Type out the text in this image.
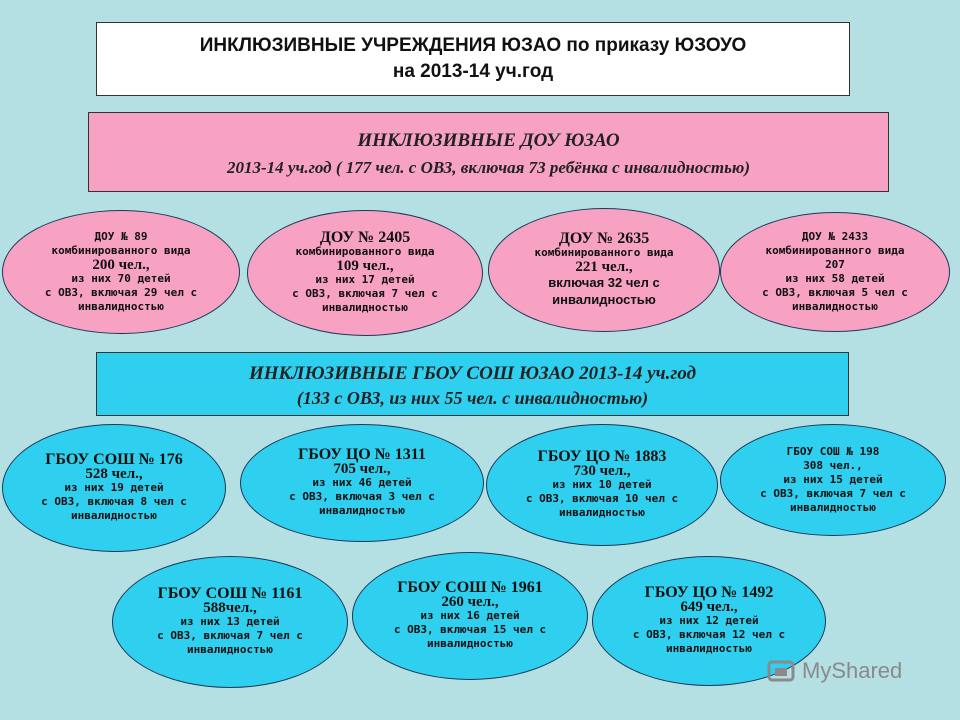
ИНКЛЮЗИВНЫЕ УЧРЕЖДЕНИЯ ЮЗАО по приказу ЮЗОУО
на 2013-14 уч.год
ИНКЛЮЗИВНЫЕ ДОУ ЮЗАО
2013-14 уч.год ( 177 чел. с ОВЗ, включая 73 ребёнка с инвалидностью)
ДОУ № 89
комбинированного вида
200 чел.,
из них 70 детей
с ОВЗ, включая 29 чел с
инвалидностью
ДОУ № 2405
комбинированного вида
109 чел.,
из них 17 детей
с ОВЗ, включая 7 чел с
инвалидностью
ДОУ № 2635
комбинированного вида
221 чел.,
включая 32 чел с
инвалидностью
ДОУ № 2433
комбинированного вида
207
из них 58 детей
с ОВЗ, включая 5 чел с
инвалидностью
ИНКЛЮЗИВНЫЕ ГБОУ СОШ ЮЗАО 2013-14 уч.год
(133 с ОВЗ, из них 55 чел. с инвалидностью)
ГБОУ СОШ № 176
528 чел.,
из них 19 детей
с ОВЗ, включая 8 чел с
инвалидностью
ГБОУ ЦО № 1311
705 чел.,
из них 46 детей
с ОВЗ, включая 3 чел с
инвалидностью
ГБОУ ЦО № 1883
730 чел.,
из них 10 детей
с ОВЗ, включая 10 чел с
инвалидностью
ГБОУ СОШ № 198
308 чел.,
из них 15 детей
с ОВЗ, включая 7 чел с
инвалидностью
ГБОУ СОШ № 1161
588чел.,
из них 13 детей
с ОВЗ, включая 7 чел с
инвалидностью
ГБОУ СОШ № 1961
260 чел.,
из них 16 детей
с ОВЗ, включая 15 чел с
инвалидностью
ГБОУ ЦО № 1492
649 чел.,
из них 12 детей
с ОВЗ, включая 12 чел с
инвалидностью
MyShared
